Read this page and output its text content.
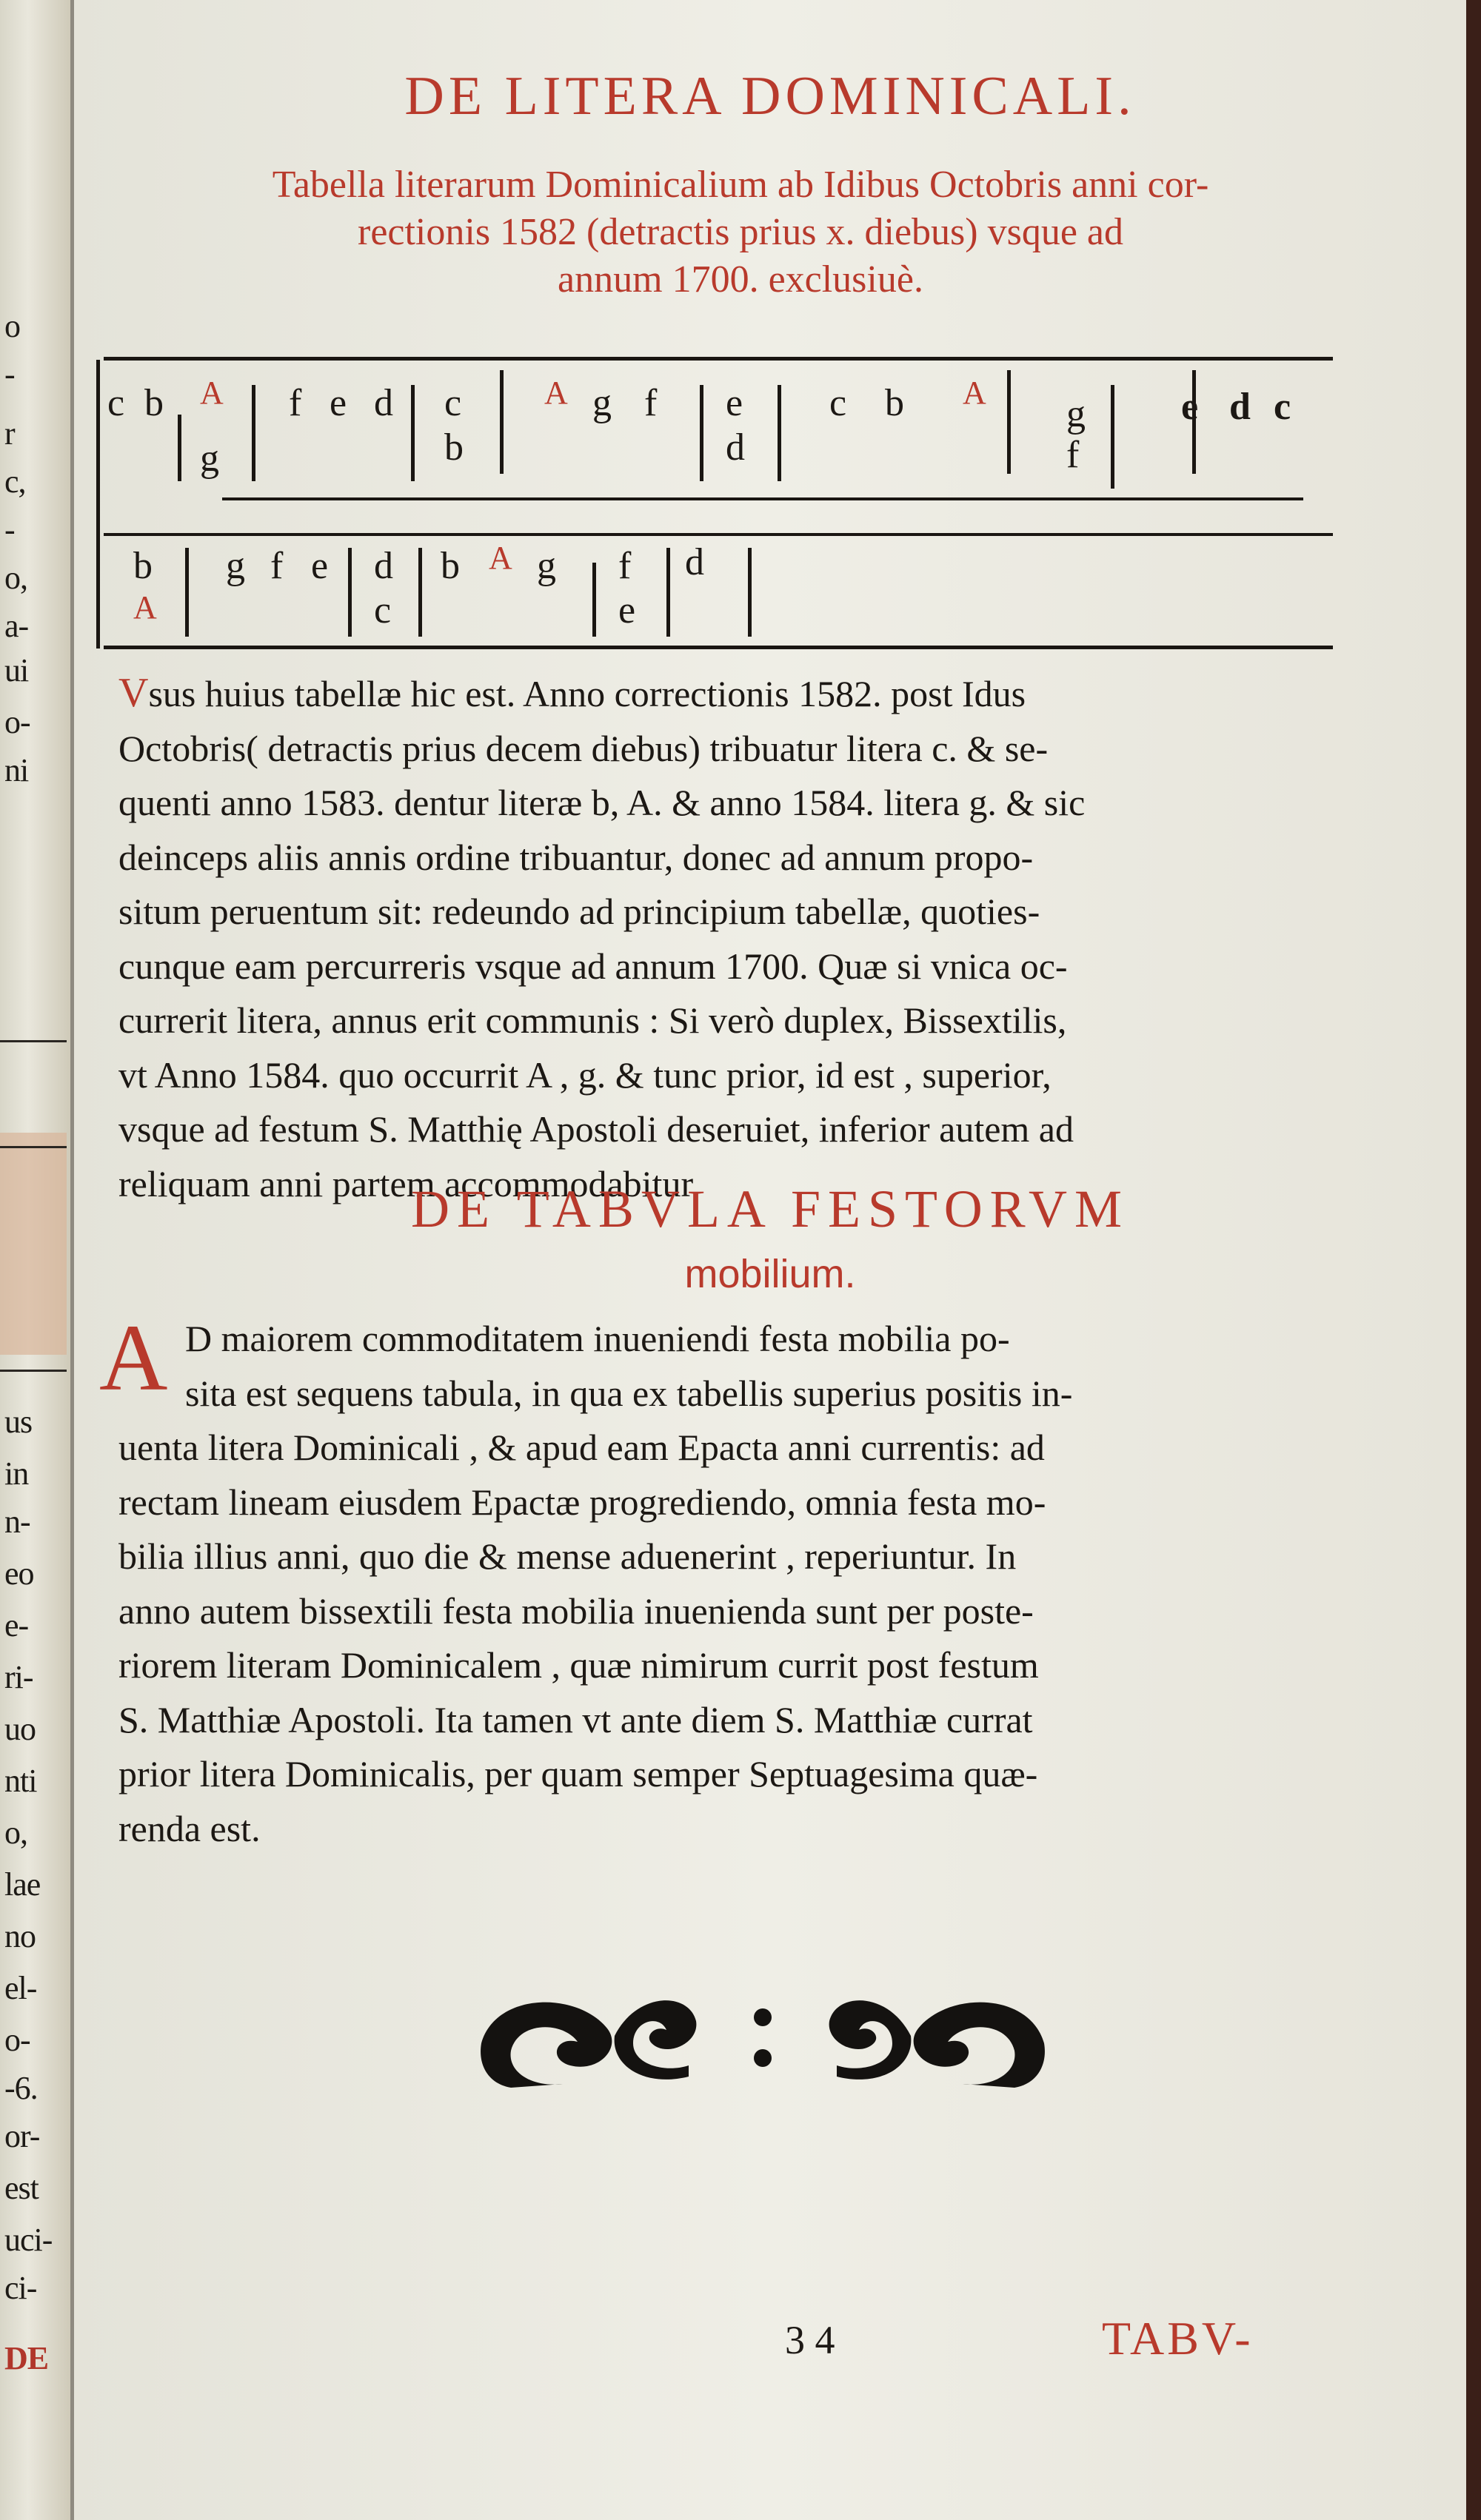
o
-
r
c,
-
o,
a-
ui
o-
ni
us
in
n-
eo
e-
ri-
uo
nti
o,
lae
no
el-
o-
-6.
or-
est
uci-
ci-
DE
DE LITERA DOMINICALI.
Tabella literarum Dominicalium ab Idibus Octobris anni cor-
rectionis 1582 (detractis prius x. diebus) vsque ad
annum 1700. exclusiuè.
c b A
g
f e d c
b
A g f e
d
c b A
g
f
e d c
b
A
g f e d
c
b A g f
e
d
Vsus huius tabellæ hic est. Anno correctionis 1582. post Idus
Octobris( detractis prius decem diebus) tribuatur litera c. & se-
quenti anno 1583. dentur literæ b, A. & anno 1584. litera g. & sic
deinceps aliis annis ordine tribuantur, donec ad annum propo-
situm peruentum sit: redeundo ad principium tabellæ, quoties-
cunque eam percurreris vsque ad annum 1700. Quæ si vnica oc-
currerit litera, annus erit communis : Si verò duplex, Bissextilis,
vt Anno 1584. quo occurrit A , g. & tunc prior, id est , superior,
vsque ad festum S. Matthię Apostoli deseruiet, inferior autem ad
reliquam anni partem accommodabitur.
DE TABVLA FESTORVM
mobilium.
A D maiorem commoditatem inueniendi festa mobilia po-
sita est sequens tabula, in qua ex tabellis superius positis in-
uenta litera Dominicali , & apud eam Epacta anni currentis: ad
rectam lineam eiusdem Epactæ progrediendo, omnia festa mo-
bilia illius anni, quo die & mense aduenerint , reperiuntur. In
anno autem bissextili festa mobilia inuenienda sunt per poste-
riorem literam Dominicalem , quæ nimirum currit post festum
S. Matthiæ Apostoli. Ita tamen vt ante diem S. Matthiæ currat
prior litera Dominicalis, per quam semper Septuagesima quæ-
renda est.
3 4	TABV-
